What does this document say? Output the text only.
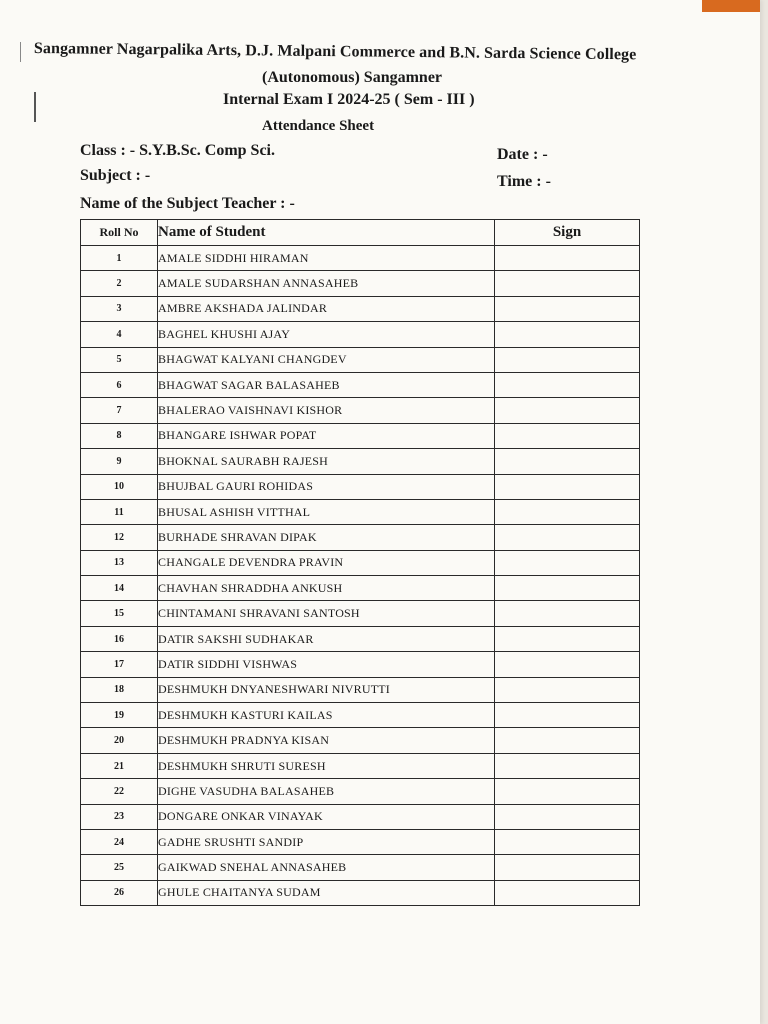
Sangamner Nagarpalika Arts, D.J. Malpani Commerce and B.N. Sarda Science College
(Autonomous) Sangamner
Internal Exam I 2024-25 ( Sem - III )
Attendance Sheet
Class : - S.Y.B.Sc. Comp Sci.	Date : -
Subject : -	Time : -
Name of the Subject Teacher : -
Roll No	Name of Student	Sign
1	AMALE SIDDHI HIRAMAN	
2	AMALE SUDARSHAN ANNASAHEB	
3	AMBRE AKSHADA JALINDAR	
4	BAGHEL KHUSHI AJAY	
5	BHAGWAT KALYANI CHANGDEV	
6	BHAGWAT SAGAR BALASAHEB	
7	BHALERAO VAISHNAVI KISHOR	
8	BHANGARE ISHWAR POPAT	
9	BHOKNAL SAURABH RAJESH	
10	BHUJBAL GAURI ROHIDAS	
11	BHUSAL ASHISH VITTHAL	
12	BURHADE SHRAVAN DIPAK	
13	CHANGALE DEVENDRA PRAVIN	
14	CHAVHAN SHRADDHA ANKUSH	
15	CHINTAMANI SHRAVANI SANTOSH	
16	DATIR SAKSHI SUDHAKAR	
17	DATIR SIDDHI VISHWAS	
18	DESHMUKH DNYANESHWARI NIVRUTTI	
19	DESHMUKH KASTURI KAILAS	
20	DESHMUKH PRADNYA KISAN	
21	DESHMUKH SHRUTI SURESH	
22	DIGHE VASUDHA BALASAHEB	
23	DONGARE ONKAR VINAYAK	
24	GADHE SRUSHTI SANDIP	
25	GAIKWAD SNEHAL ANNASAHEB	
26	GHULE CHAITANYA SUDAM	
